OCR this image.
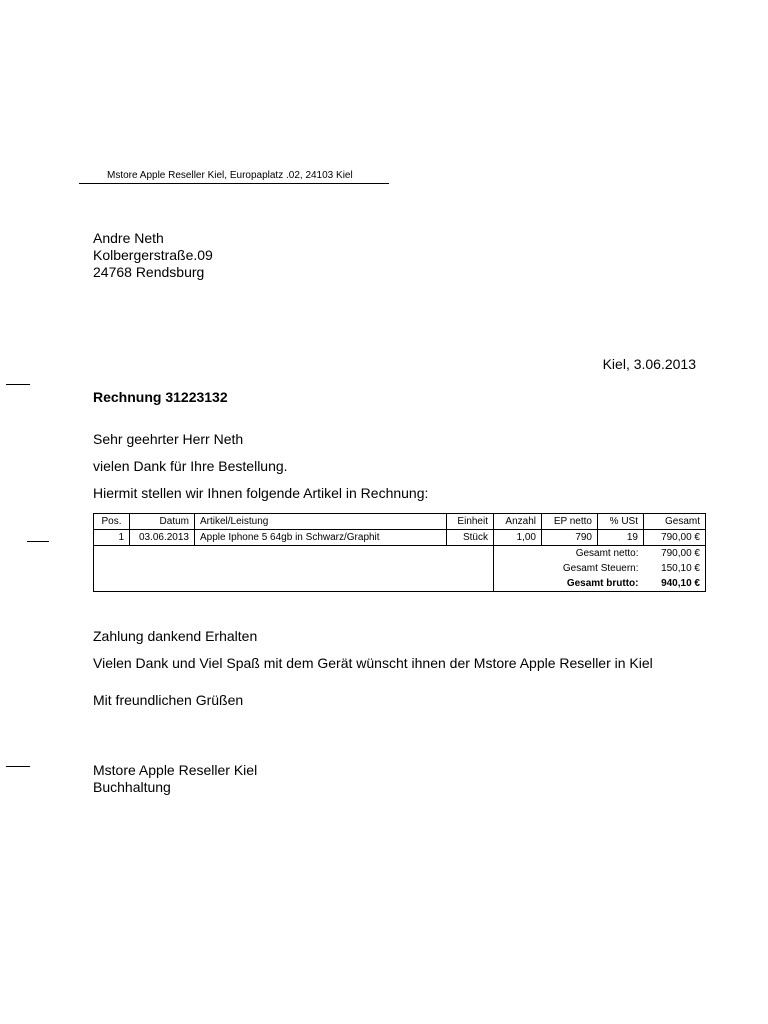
Mstore Apple Reseller Kiel, Europaplatz .02, 24103 Kiel
Andre Neth
Kolbergerstraße.09
24768 Rendsburg
Kiel, 3.06.2013
Rechnung 31223132
Sehr geehrter Herr Neth
vielen Dank für Ihre Bestellung.
Hiermit stellen wir Ihnen folgende Artikel in Rechnung:
Pos.	Datum	Artikel/Leistung	Einheit	Anzahl	EP netto	% USt	Gesamt
1	03.06.2013	Apple Iphone 5 64gb in Schwarz/Graphit	Stück	1,00	790	19	790,00 €
				Gesamt netto:			790,00 €
				Gesamt Steuern:			150,10 €
				Gesamt brutto:			940,10 €
Zahlung dankend Erhalten
Vielen Dank und Viel Spaß mit dem Gerät wünscht ihnen der Mstore Apple Reseller in Kiel
Mit freundlichen Grüßen
Mstore Apple Reseller Kiel
Buchhaltung
